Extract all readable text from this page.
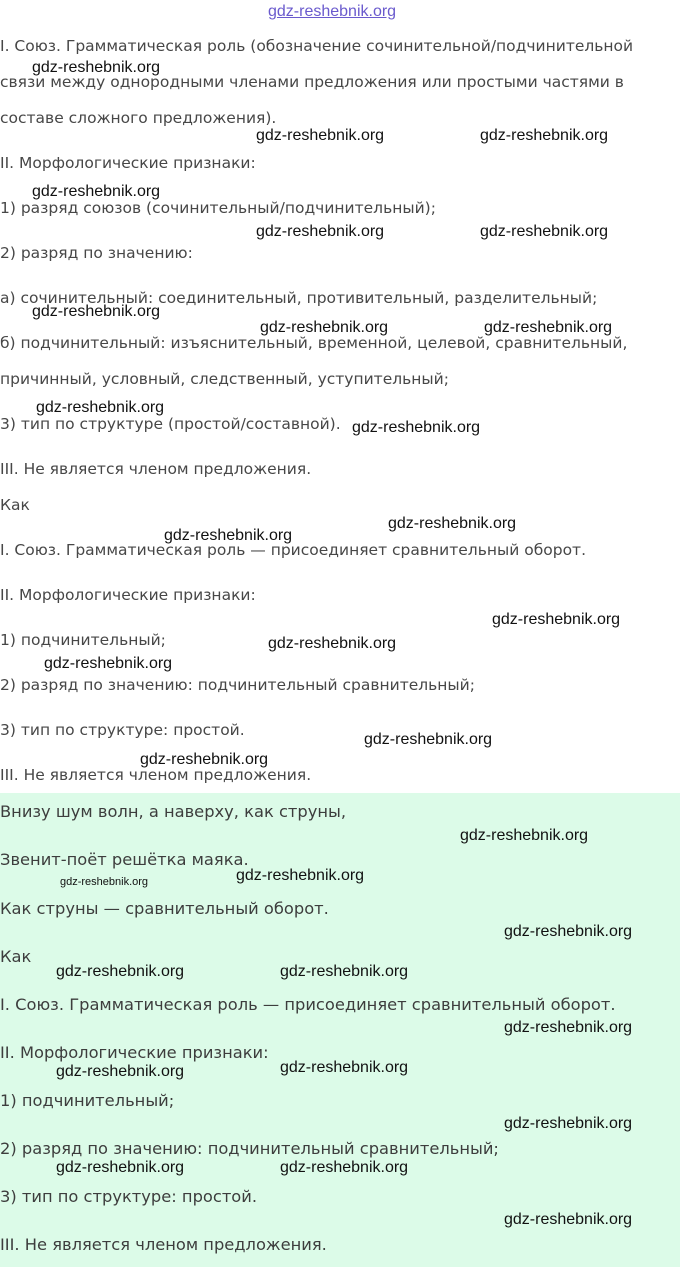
gdz-reshebnik.org

I. Союз. Грамматическая роль (обозначение сочинительной/подчинительной

связи между однородными членами предложения или простыми частями в

составе сложного предложения).

II. Морфологические признаки:

1) разряд союзов (сочинительный/подчинительный);

2) разряд по значению:

а) сочинительный: соединительный, противительный, разделительный;

б) подчинительный: изъяснительный, временной, целевой, сравнительный,

причинный, условный, следственный, уступительный;

3) тип по структуре (простой/составной).

III. Не является членом предложения.

Как

I. Союз. Грамматическая роль — присоединяет сравнительный оборот.

II. Морфологические признаки:

1) подчинительный;

2) разряд по значению: подчинительный сравнительный;

3) тип по структуре: простой.

III. Не является членом предложения.

gdz-reshebnik.org
gdz-reshebnik.org	gdz-reshebnik.org
gdz-reshebnik.org
gdz-reshebnik.org	gdz-reshebnik.org
gdz-reshebnik.org
gdz-reshebnik.org	gdz-reshebnik.org
gdz-reshebnik.org
gdz-reshebnik.org
gdz-reshebnik.org
gdz-reshebnik.org
gdz-reshebnik.org
gdz-reshebnik.org
gdz-reshebnik.org
gdz-reshebnik.org
gdz-reshebnik.org

Внизу шум волн, а наверху, как струны,

Звенит-поёт решётка маяка.

Как струны — сравнительный оборот.

Как

I. Союз. Грамматическая роль — присоединяет сравнительный оборот.

II. Морфологические признаки:

1) подчинительный;

2) разряд по значению: подчинительный сравнительный;

3) тип по структуре: простой.

III. Не является членом предложения.

gdz-reshebnik.org
gdz-reshebnik.org	gdz-reshebnik.org
gdz-reshebnik.org
gdz-reshebnik.org	gdz-reshebnik.org
gdz-reshebnik.org
gdz-reshebnik.org
gdz-reshebnik.org
gdz-reshebnik.org
gdz-reshebnik.org	gdz-reshebnik.org
gdz-reshebnik.org
